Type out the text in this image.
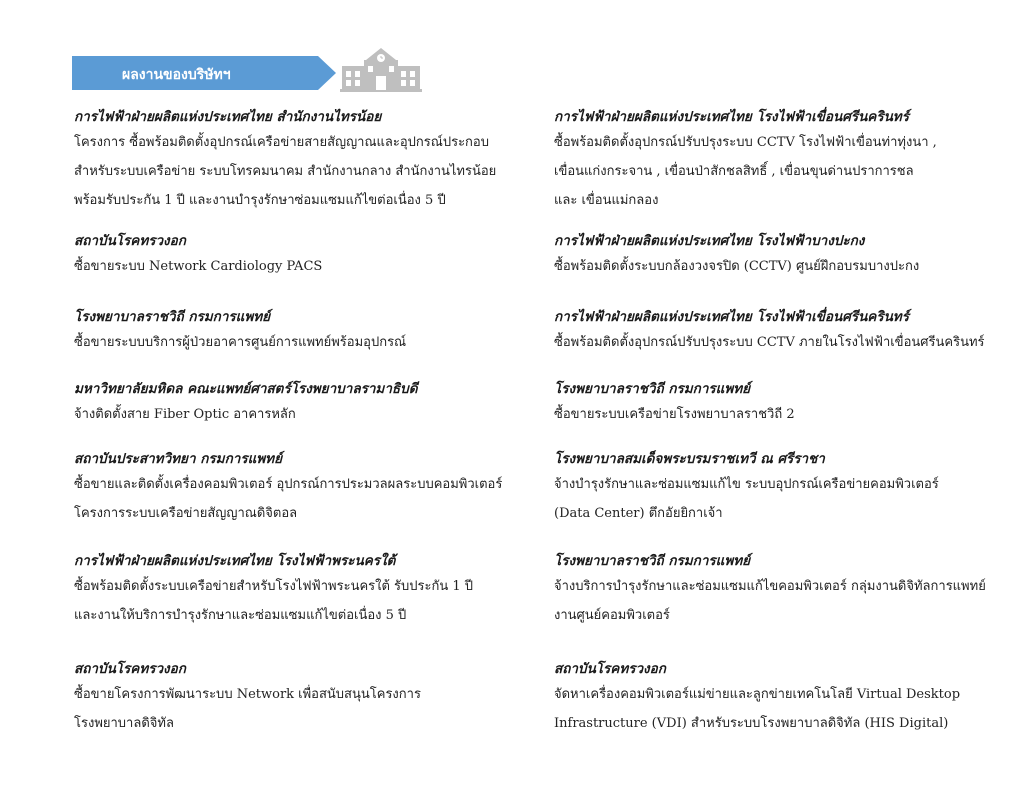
ผลงานของบริษัทฯ
การไฟฟ้าฝ่ายผลิตแห่งประเทศไทย สำนักงานไทรน้อย
โครงการ ซื้อพร้อมติดตั้งอุปกรณ์เครือข่ายสายสัญญาณและอุปกรณ์ประกอบ
สำหรับระบบเครือข่าย ระบบโทรคมนาคม สำนักงานกลาง สำนักงานไทรน้อย
พร้อมรับประกัน 1 ปี และงานบำรุงรักษาซ่อมแซมแก้ไขต่อเนื่อง 5 ปี
สถาบันโรคทรวงอก
ซื้อขายระบบ Network Cardiology PACS
โรงพยาบาลราชวิถี กรมการแพทย์
ซื้อขายระบบบริการผู้ป่วยอาคารศูนย์การแพทย์พร้อมอุปกรณ์
มหาวิทยาลัยมหิดล คณะแพทย์ศาสตร์โรงพยาบาลรามาธิบดี
จ้างติดตั้งสาย Fiber Optic อาคารหลัก
สถาบันประสาทวิทยา กรมการแพทย์
ซื้อขายและติดตั้งเครื่องคอมพิวเตอร์ อุปกรณ์การประมวลผลระบบคอมพิวเตอร์
โครงการระบบเครือข่ายสัญญาณดิจิตอล
การไฟฟ้าฝ่ายผลิตแห่งประเทศไทย โรงไฟฟ้าพระนครใต้
ซื้อพร้อมติดตั้งระบบเครือข่ายสำหรับโรงไฟฟ้าพระนครใต้ รับประกัน 1 ปี
และงานให้บริการบำรุงรักษาและซ่อมแซมแก้ไขต่อเนื่อง 5 ปี
สถาบันโรคทรวงอก
ซื้อขายโครงการพัฒนาระบบ Network เพื่อสนับสนุนโครงการ
โรงพยาบาลดิจิทัล
การไฟฟ้าฝ่ายผลิตแห่งประเทศไทย โรงไฟฟ้าเขื่อนศรีนครินทร์
ซื้อพร้อมติดตั้งอุปกรณ์ปรับปรุงระบบ CCTV โรงไฟฟ้าเขื่อนท่าทุ่งนา ,
เขื่อนแก่งกระจาน , เขื่อนป่าสักชลสิทธิ์ , เขื่อนขุนด่านปราการชล
และ เขื่อนแม่กลอง
การไฟฟ้าฝ่ายผลิตแห่งประเทศไทย โรงไฟฟ้าบางปะกง
ซื้อพร้อมติดตั้งระบบกล้องวงจรปิด (CCTV) ศูนย์ฝึกอบรมบางปะกง
การไฟฟ้าฝ่ายผลิตแห่งประเทศไทย โรงไฟฟ้าเขื่อนศรีนครินทร์
ซื้อพร้อมติดตั้งอุปกรณ์ปรับปรุงระบบ CCTV ภายในโรงไฟฟ้าเขื่อนศรีนครินทร์
โรงพยาบาลราชวิถี กรมการแพทย์
ซื้อขายระบบเครือข่ายโรงพยาบาลราชวิถี 2
โรงพยาบาลสมเด็จพระบรมราชเทวี ณ ศรีราชา
จ้างบำรุงรักษาและซ่อมแซมแก้ไข ระบบอุปกรณ์เครือข่ายคอมพิวเตอร์
(Data Center) ตึกอัยยิกาเจ้า
โรงพยาบาลราชวิถี กรมการแพทย์
จ้างบริการบำรุงรักษาและซ่อมแซมแก้ไขคอมพิวเตอร์ กลุ่มงานดิจิทัลการแพทย์
งานศูนย์คอมพิวเตอร์
สถาบันโรคทรวงอก
จัดหาเครื่องคอมพิวเตอร์แม่ข่ายและลูกข่ายเทคโนโลยี Virtual Desktop
Infrastructure (VDI) สำหรับระบบโรงพยาบาลดิจิทัล (HIS Digital)
